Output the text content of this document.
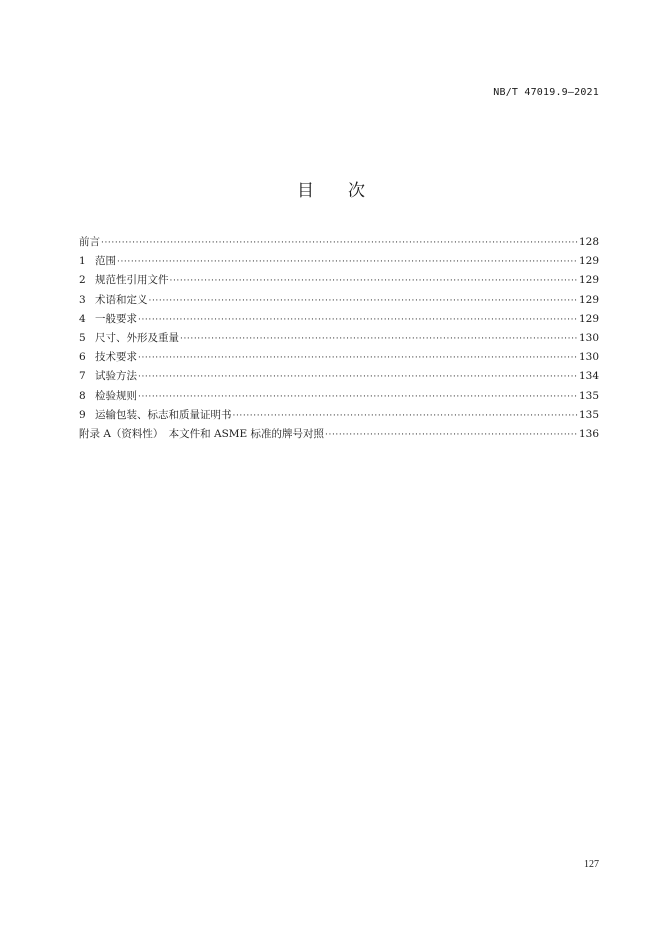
NB/T 47019.9—2021
目　　次
前言 ·····	128
1 范围 ·····	129
2 规范性引用文件 ·····	129
3 术语和定义 ·····	129
4 一般要求 ·····	129
5 尺寸、外形及重量 ·····	130
6 技术要求 ·····	130
7 试验方法 ·····	134
8 检验规则 ·····	135
9 运输包装、标志和质量证明书 ·····	135
附录 A（资料性）　本文件和 ASME 标准的牌号对照 ·····	136
127
